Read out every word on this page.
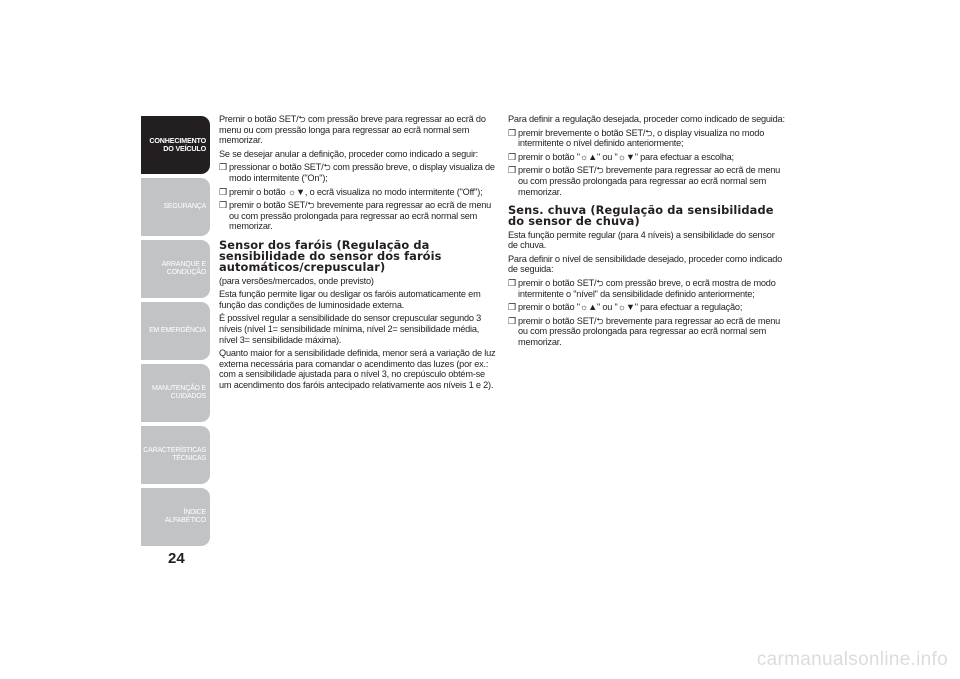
CONHECIMENTO
DO VEÍCULO
SEGURANÇA
ARRANQUE E
CONDUÇÃO
EM EMERGÊNCIA
MANUTENÇÃO E
CUIDADOS
CARACTERÍSTICAS
TÉCNICAS
ÍNDICE ALFABÉTICO
24

Premir o botão SET/⮌ com pressão breve para regressar ao ecrã do menu ou com pressão longa para regressar ao ecrã normal sem memorizar.

Se se desejar anular a definição, proceder como indicado a seguir:

❒ pressionar o botão SET/⮌ com pressão breve, o display visualiza de modo intermitente ("On");
❒ premir o botão ☼▼, o ecrã visualiza no modo intermitente ("Off");
❒ premir o botão SET/⮌ brevemente para regressar ao ecrã de menu ou com pressão prolongada para regressar ao ecrã normal sem memorizar.
Sensor dos faróis (Regulação da sensibilidade do sensor dos faróis automáticos/crepuscular)

(para versões/mercados, onde previsto)

Esta função permite ligar ou desligar os faróis automaticamente em função das condições de luminosidade externa.

É possível regular a sensibilidade do sensor crepuscular segundo 3 níveis (nível 1= sensibilidade mínima, nível 2= sensibilidade média, nível 3= sensibilidade máxima).

Quanto maior for a sensibilidade definida, menor será a variação de luz externa necessária para comandar o acendimento das luzes (por ex.: com a sensibilidade ajustada para o nível 3, no crepúsculo obtém-se um acendimento dos faróis antecipado relativamente aos níveis 1 e 2).

Para definir a regulação desejada, proceder como indicado de seguida:

❒ premir brevemente o botão SET/⮌, o display visualiza no modo intermitente o nível definido anteriormente;
❒ premir o botão "☼▲" ou "☼▼" para efectuar a escolha;
❒ premir o botão SET/⮌ brevemente para regressar ao ecrã de menu ou com pressão prolongada para regressar ao ecrã normal sem memorizar.
Sens. chuva (Regulação da sensibilidade do sensor de chuva)

Esta função permite regular (para 4 níveis) a sensibilidade do sensor de chuva.

Para definir o nível de sensibilidade desejado, proceder como indicado de seguida:

❒ premir o botão SET/⮌ com pressão breve, o ecrã mostra de modo intermitente o "nível" da sensibilidade definido anteriormente;
❒ premir o botão "☼▲" ou "☼▼" para efectuar a regulação;
❒ premir o botão SET/⮌ brevemente para regressar ao ecrã de menu ou com pressão prolongada para regressar ao ecrã normal sem memorizar.
carmanualsonline.info
